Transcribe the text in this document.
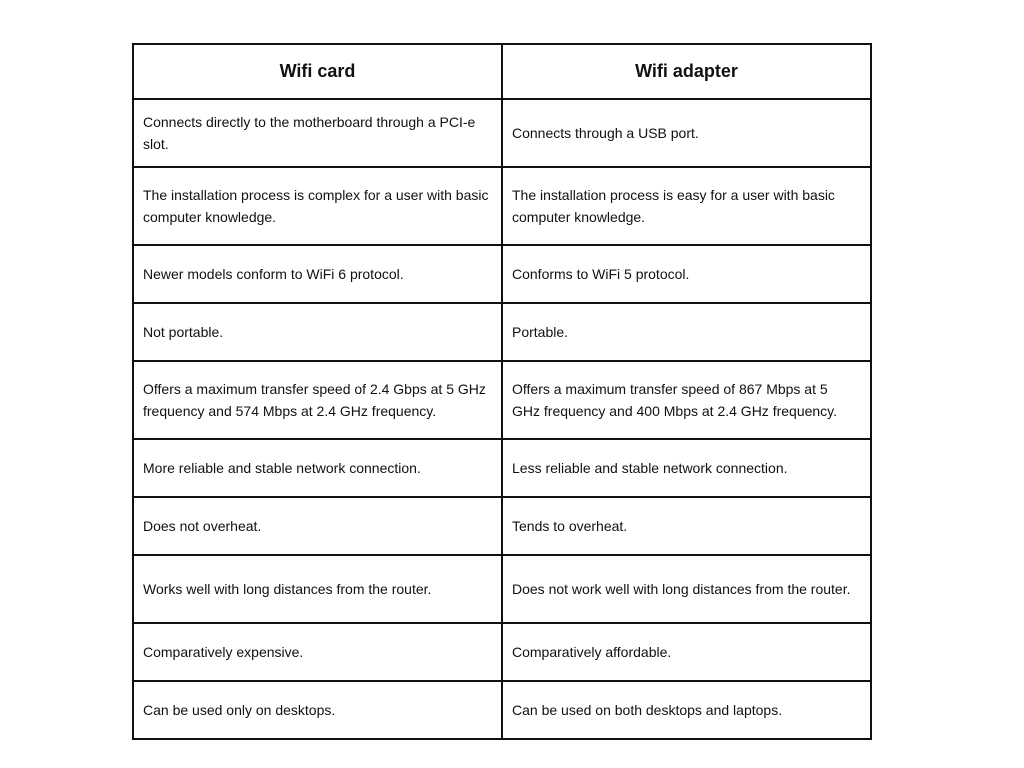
Wifi card	Wifi adapter
Connects directly to the motherboard through a PCI-e slot.	Connects through a USB port.
The installation process is complex for a user with basic computer knowledge.	The installation process is easy for a user with basic computer knowledge.
Newer models conform to WiFi 6 protocol.	Conforms to WiFi 5 protocol.
Not portable.	Portable.
Offers a maximum transfer speed of 2.4 Gbps at 5 GHz frequency and 574 Mbps at 2.4 GHz frequency.	Offers a maximum transfer speed of 867 Mbps at 5 GHz frequency and 400 Mbps at 2.4 GHz frequency.
More reliable and stable network connection.	Less reliable and stable network connection.
Does not overheat.	Tends to overheat.
Works well with long distances from the router.	Does not work well with long distances from the router.
Comparatively expensive.	Comparatively affordable.
Can be used only on desktops.	Can be used on both desktops and laptops.
